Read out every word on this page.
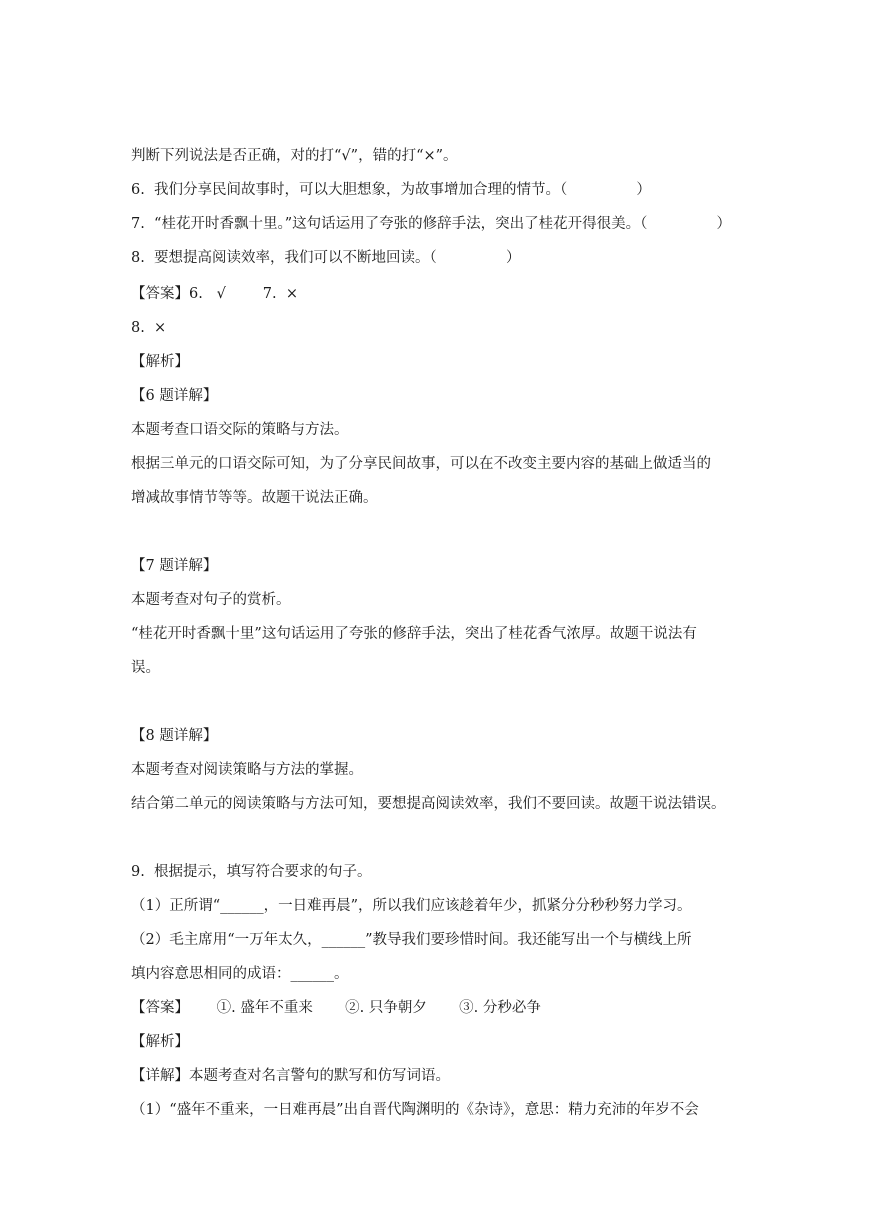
判断下列说法是否正确，对的打“√”，错的打“×”。
6.  我们分享民间故事时，可以大胆想象，为故事增加合理的情节。（               ）
7.  “桂花开时香飘十里。”这句话运用了夸张的修辞手法，突出了桂花开得很美。（               ）
8.  要想提高阅读效率，我们可以不断地回读。（               ）
【答案】6.   √        7.  ×
8.  ×
【解析】
【6 题详解】
本题考查口语交际的策略与方法。
根据三单元的口语交际可知，为了分享民间故事，可以在不改变主要内容的基础上做适当的
增减故事情节等等。故题干说法正确。
【7 题详解】
本题考查对句子的赏析。
“桂花开时香飘十里”这句话运用了夸张的修辞手法，突出了桂花香气浓厚。故题干说法有
误。
【8 题详解】
本题考查对阅读策略与方法的掌握。
结合第二单元的阅读策略与方法可知，要想提高阅读效率，我们不要回读。故题干说法错误。
9.  根据提示，填写符合要求的句子。
（1）正所谓“______，一日难再晨”，所以我们应该趁着年少，抓紧分分秒秒努力学习。
（2）毛主席用“一万年太久，______”教导我们要珍惜时间。我还能写出一个与横线上所
填内容意思相同的成语：______。
【答案】      ①. 盛年不重来       ②. 只争朝夕       ③. 分秒必争
【解析】
【详解】本题考查对名言警句的默写和仿写词语。
（1）“盛年不重来，一日难再晨”出自晋代陶渊明的《杂诗》，意思：精力充沛的年岁不会
